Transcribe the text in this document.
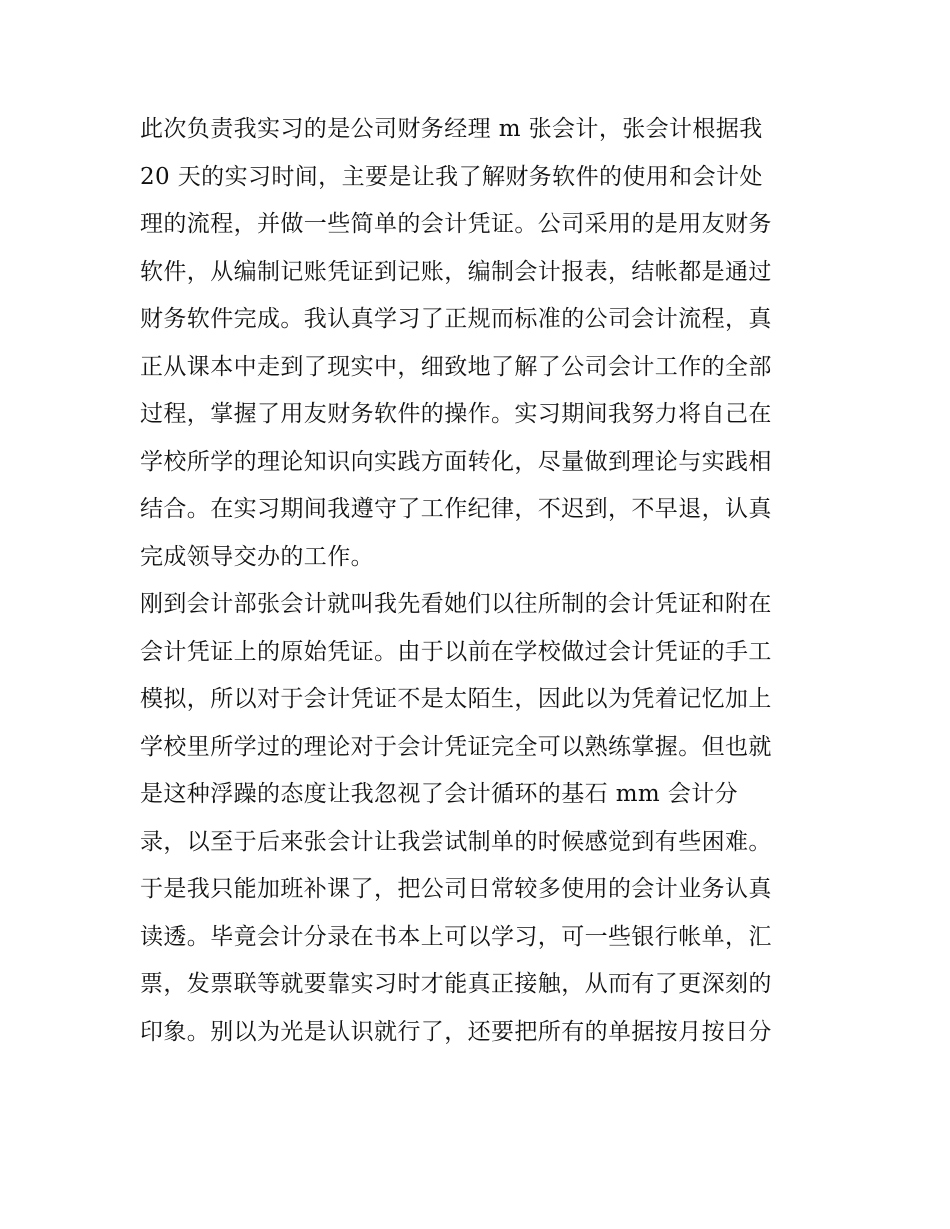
此次负责我实习的是公司财务经理 m 张会计，张会计根据我
20 天的实习时间，主要是让我了解财务软件的使用和会计处
理的流程，并做一些简单的会计凭证。公司采用的是用友财务
软件，从编制记账凭证到记账，编制会计报表，结帐都是通过
财务软件完成。我认真学习了正规而标准的公司会计流程，真
正从课本中走到了现实中，细致地了解了公司会计工作的全部
过程，掌握了用友财务软件的操作。实习期间我努力将自己在
学校所学的理论知识向实践方面转化，尽量做到理论与实践相
结合。在实习期间我遵守了工作纪律，不迟到，不早退，认真
完成领导交办的工作。
刚到会计部张会计就叫我先看她们以往所制的会计凭证和附在
会计凭证上的原始凭证。由于以前在学校做过会计凭证的手工
模拟，所以对于会计凭证不是太陌生，因此以为凭着记忆加上
学校里所学过的理论对于会计凭证完全可以熟练掌握。但也就
是这种浮躁的态度让我忽视了会计循环的基石 mm 会计分
录，以至于后来张会计让我尝试制单的时候感觉到有些困难。
于是我只能加班补课了，把公司日常较多使用的会计业务认真
读透。毕竟会计分录在书本上可以学习，可一些银行帐单，汇
票，发票联等就要靠实习时才能真正接触，从而有了更深刻的
印象。别以为光是认识就行了，还要把所有的单据按月按日分
